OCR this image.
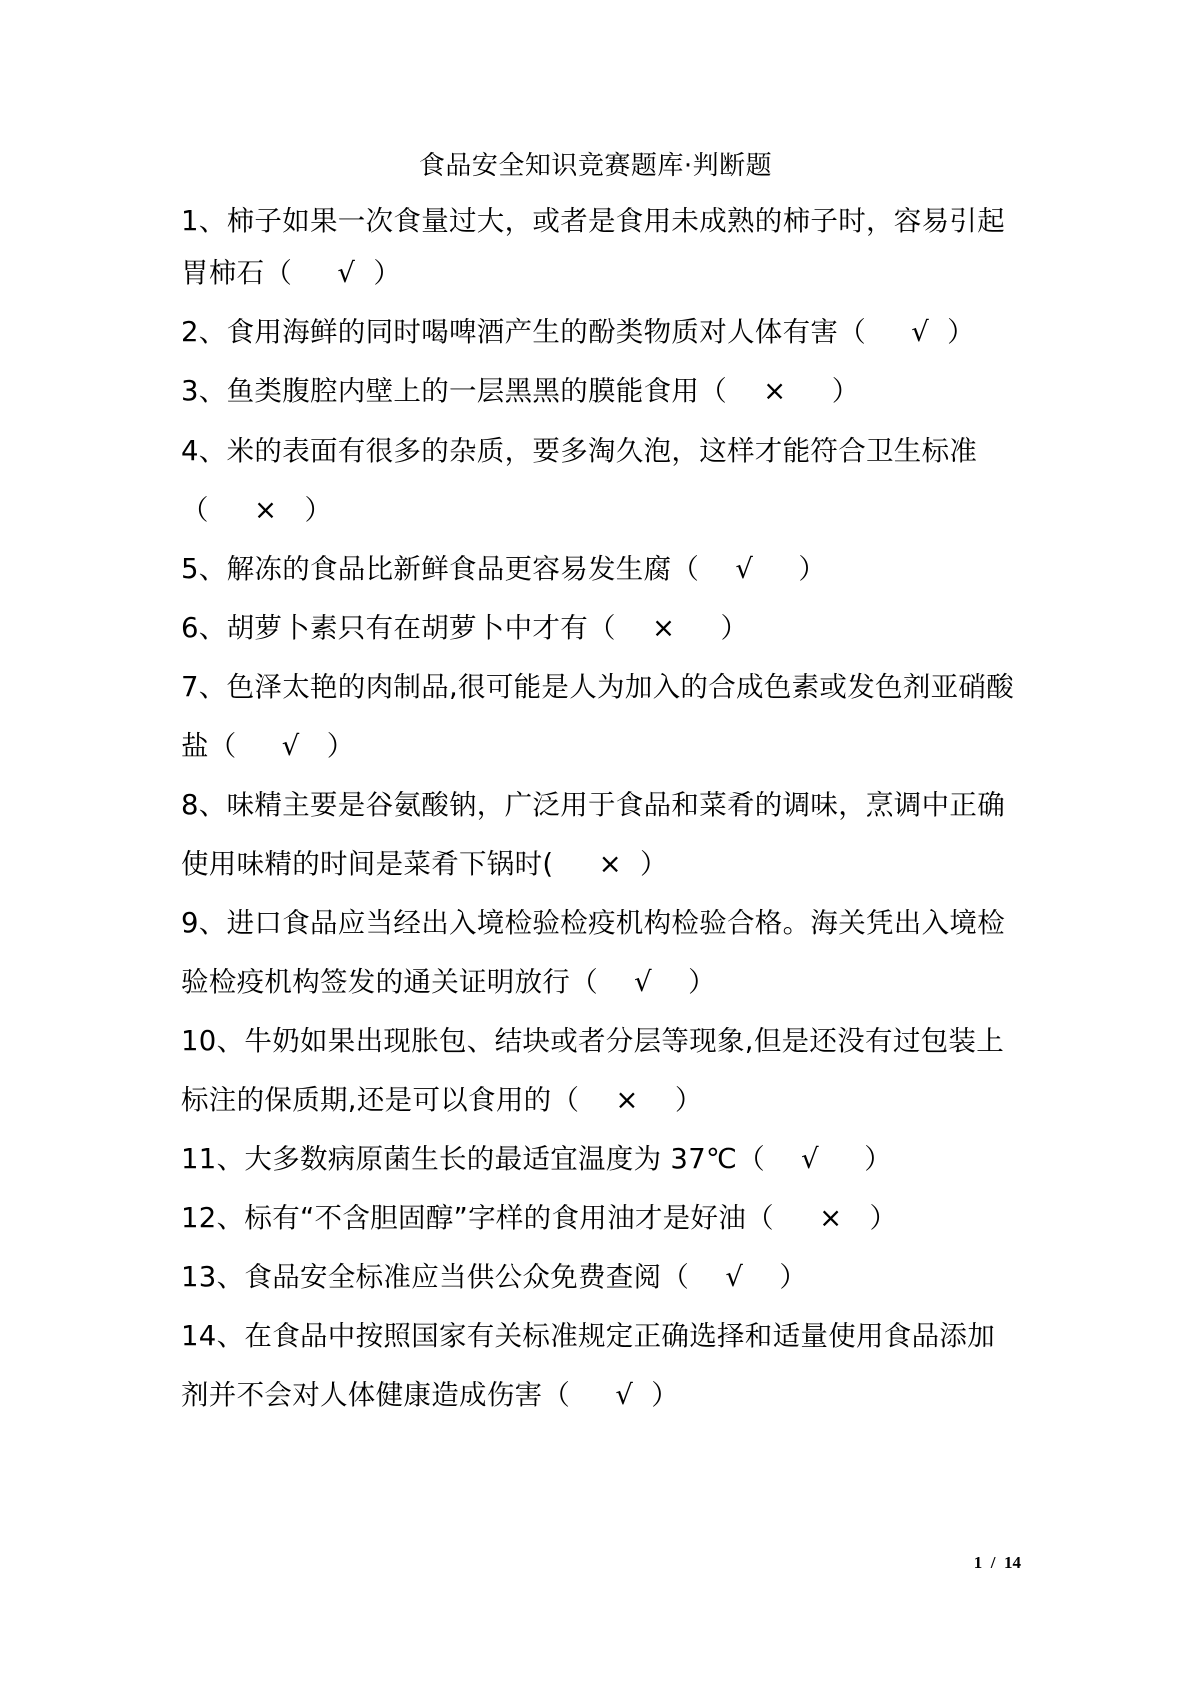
食品安全知识竞赛题库·判断题
1、柿子如果一次食量过大，或者是食用未成熟的柿子时，容易引起
胃柿石（     √  ）
2、食用海鲜的同时喝啤酒产生的酚类物质对人体有害（     √  ）
3、鱼类腹腔内壁上的一层黑黑的膜能食用（    ×     ）
4、米的表面有很多的杂质，要多淘久泡，这样才能符合卫生标准
（     ×   ）
5、解冻的食品比新鲜食品更容易发生腐（    √     ）
6、胡萝卜素只有在胡萝卜中才有（    ×     ）
7、色泽太艳的肉制品,很可能是人为加入的合成色素或发色剂亚硝酸
盐（     √   ）
8、味精主要是谷氨酸钠，广泛用于食品和菜肴的调味，烹调中正确
使用味精的时间是菜肴下锅时(     ×  ）
9、进口食品应当经出入境检验检疫机构检验合格。海关凭出入境检
验检疫机构签发的通关证明放行（    √    ）
10、牛奶如果出现胀包、结块或者分层等现象,但是还没有过包装上
标注的保质期,还是可以食用的（    ×    ）
11、大多数病原菌生长的最适宜温度为 37℃（    √     ）
12、标有“不含胆固醇”字样的食用油才是好油（     ×   ）
13、食品安全标准应当供公众免费查阅（    √    ）
14、在食品中按照国家有关标准规定正确选择和适量使用食品添加
剂并不会对人体健康造成伤害（     √  ）
1  /  14
